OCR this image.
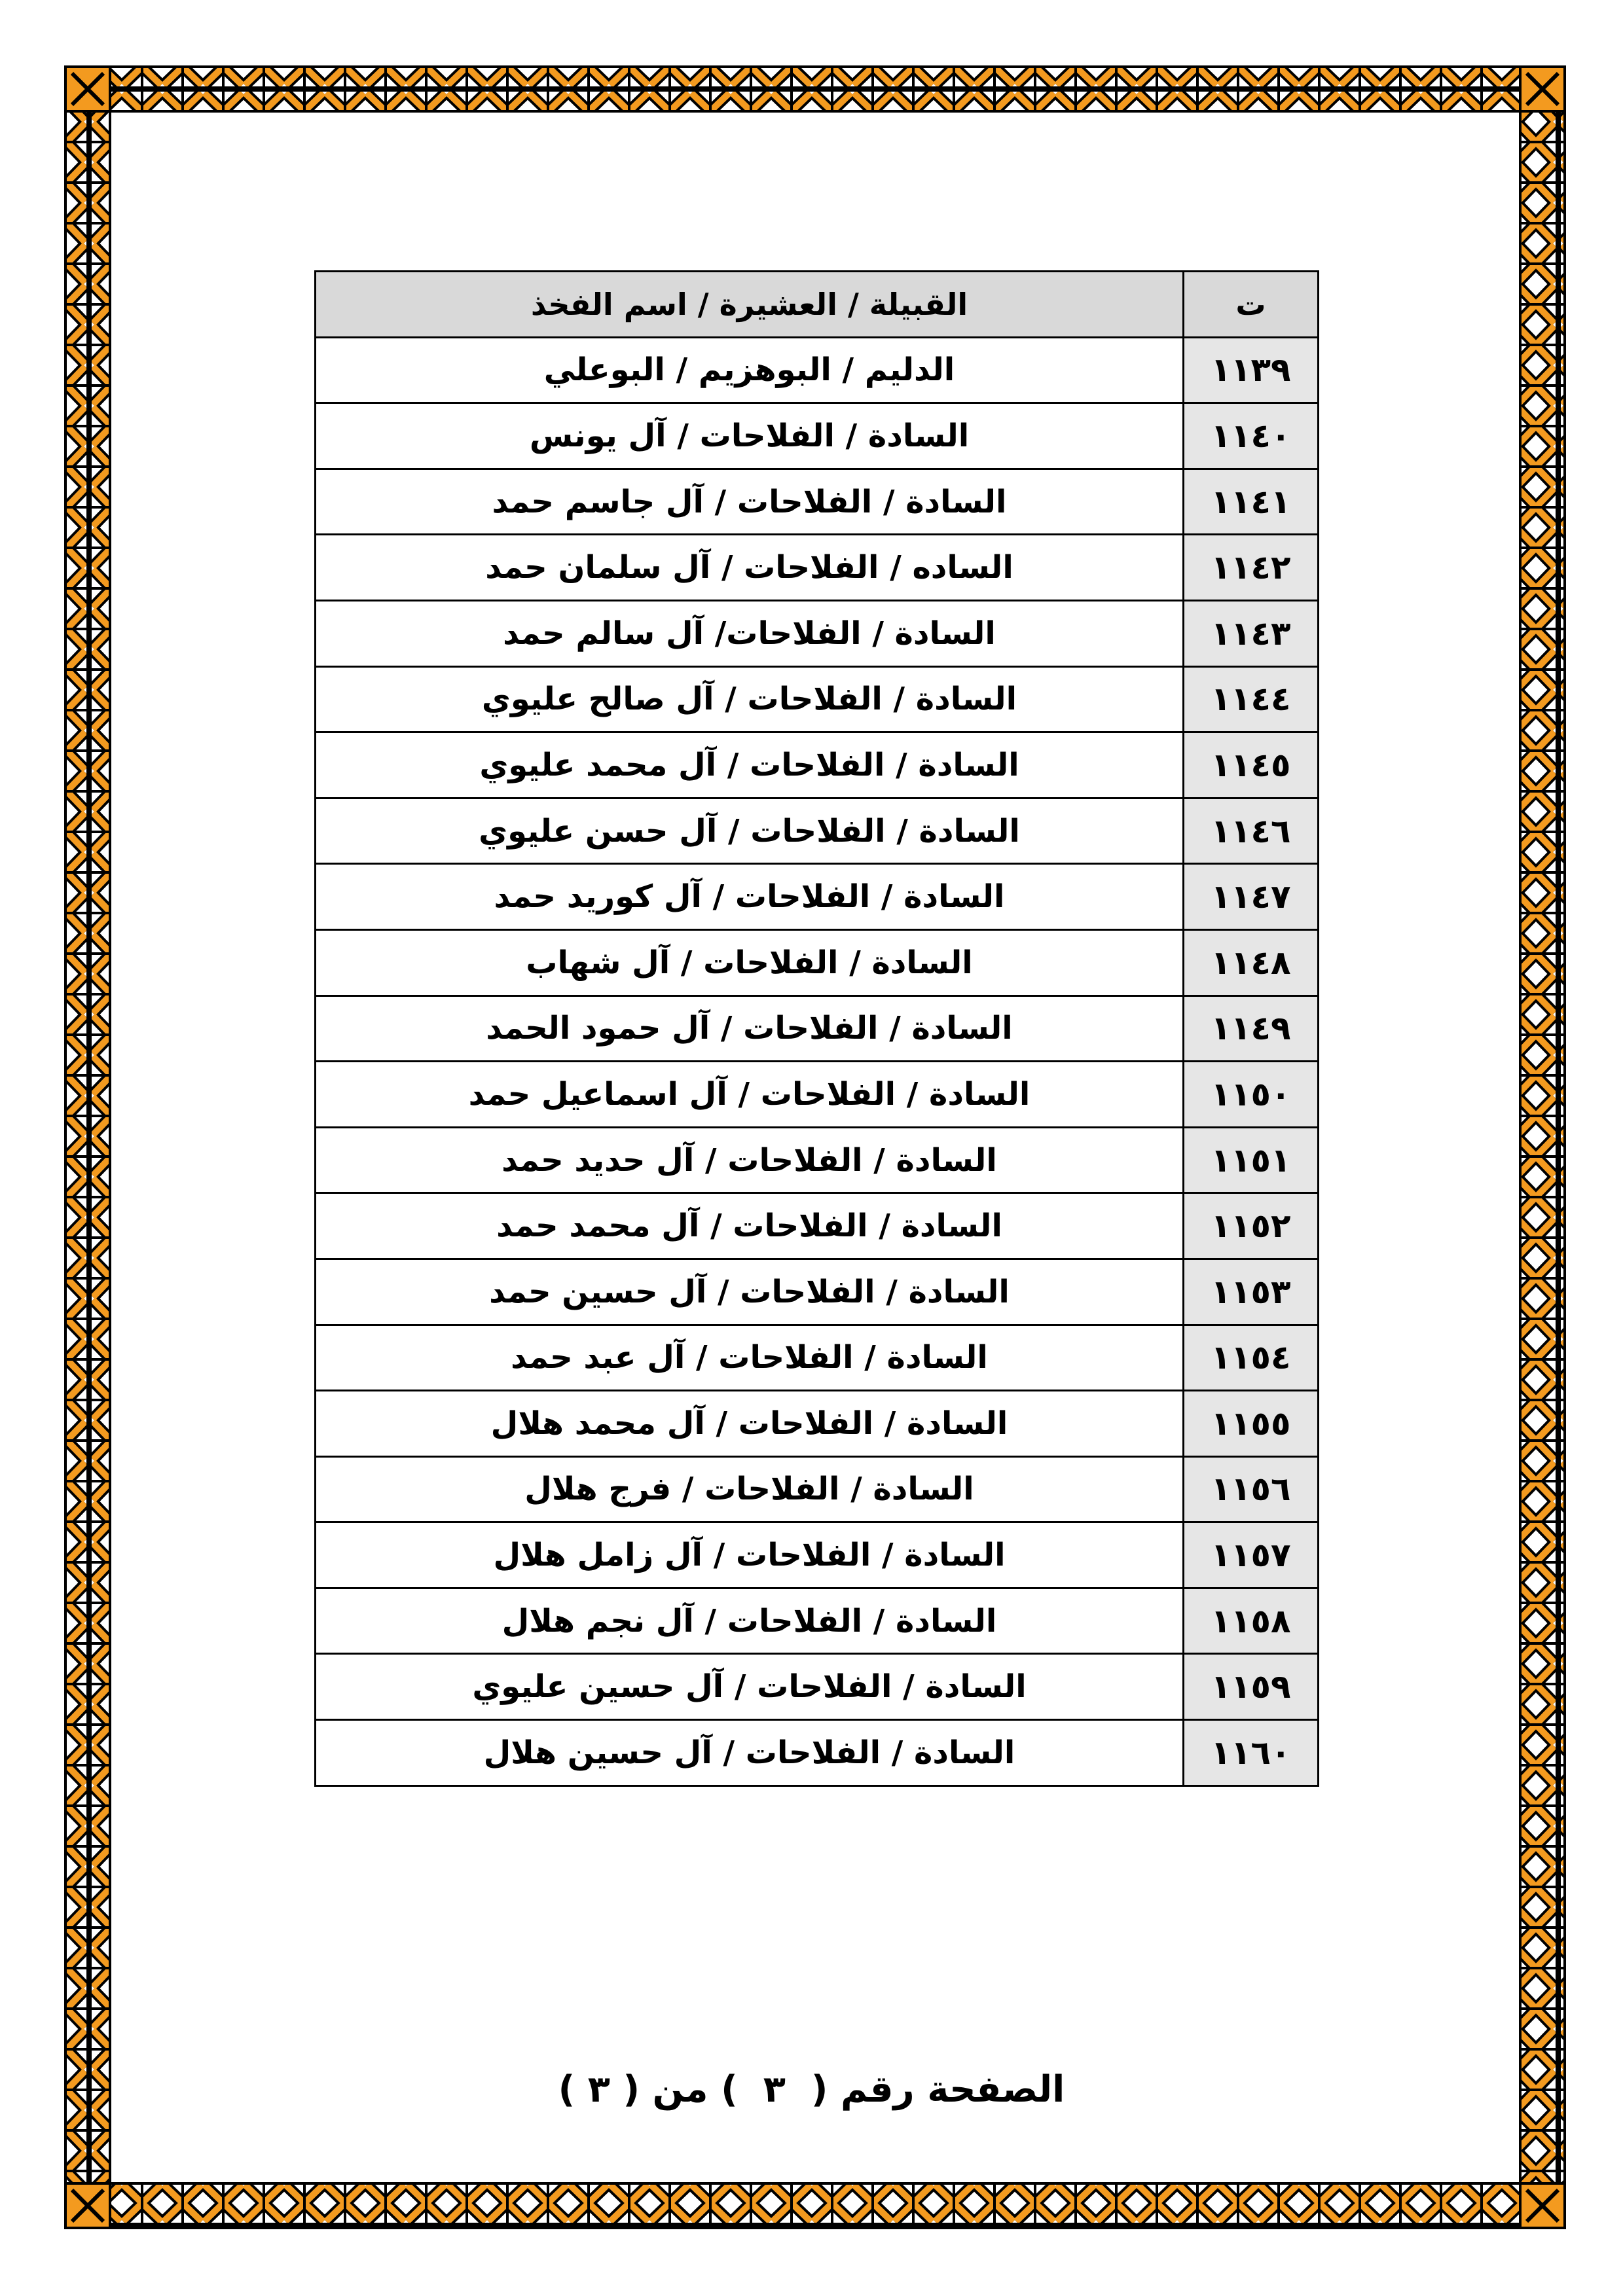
ت	القبيلة / العشيرة / اسم الفخذ
١١٣٩	الدليم / البوهزيم / البوعلي
١١٤٠	السادة / الفلاحات / آل يونس
١١٤١	السادة / الفلاحات / آل جاسم حمد
١١٤٢	الساده / الفلاحات / آل سلمان حمد
١١٤٣	السادة / الفلاحات/ آل سالم حمد
١١٤٤	السادة / الفلاحات / آل صالح عليوي
١١٤٥	السادة / الفلاحات / آل محمد عليوي
١١٤٦	السادة / الفلاحات / آل حسن عليوي
١١٤٧	السادة / الفلاحات / آل كوريد حمد
١١٤٨	السادة / الفلاحات / آل شهاب
١١٤٩	السادة / الفلاحات / آل حمود الحمد
١١٥٠	السادة / الفلاحات / آل اسماعيل حمد
١١٥١	السادة / الفلاحات / آل حديد حمد
١١٥٢	السادة / الفلاحات / آل محمد حمد
١١٥٣	السادة / الفلاحات / آل حسين حمد
١١٥٤	السادة / الفلاحات / آل عبد حمد
١١٥٥	السادة / الفلاحات / آل محمد هلال
١١٥٦	السادة / الفلاحات / فرج هلال
١١٥٧	السادة / الفلاحات / آل زامل هلال
١١٥٨	السادة / الفلاحات / آل نجم هلال
١١٥٩	السادة / الفلاحات / آل حسين عليوي
١١٦٠	السادة / الفلاحات / آل حسين هلال
الصفحة رقم (  ٣  ) من ( ٣ )
